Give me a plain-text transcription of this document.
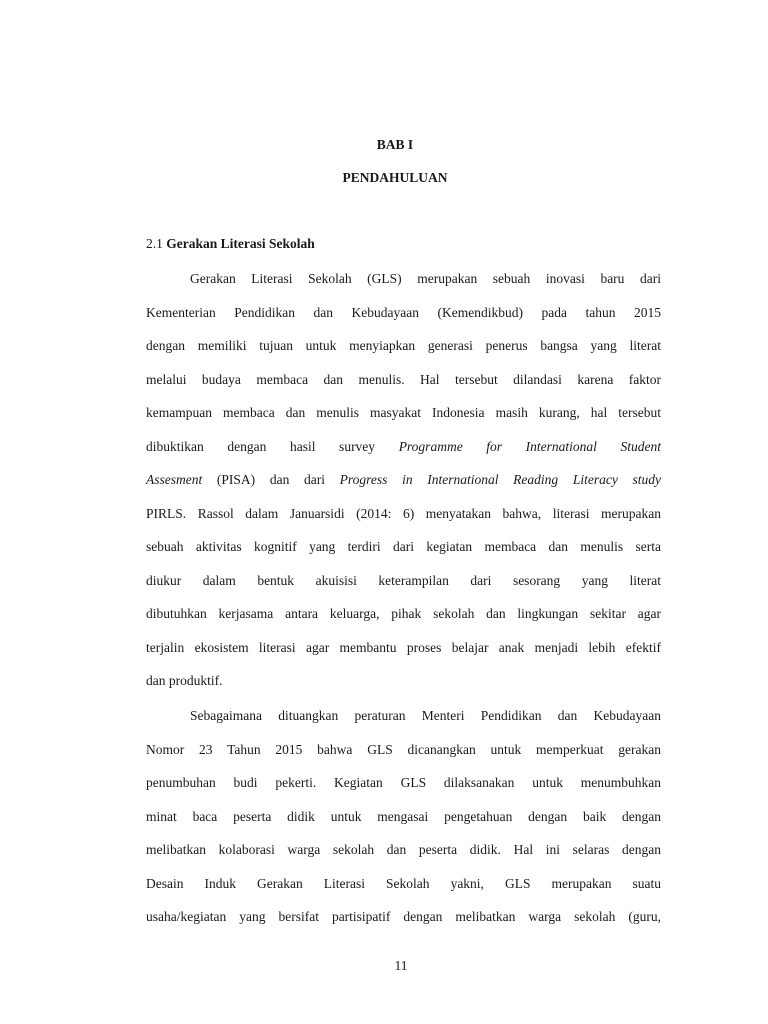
BAB I
PENDAHULUAN
2.1 Gerakan Literasi Sekolah
Gerakan Literasi Sekolah (GLS) merupakan sebuah inovasi baru dari
Kementerian Pendidikan dan Kebudayaan (Kemendikbud) pada tahun 2015
dengan memiliki tujuan untuk menyiapkan generasi penerus bangsa yang literat
melalui budaya membaca dan menulis. Hal tersebut dilandasi karena faktor
kemampuan membaca dan menulis masyakat Indonesia masih kurang, hal tersebut
dibuktikan dengan hasil survey Programme for International Student
Assesment (PISA) dan dari Progress in International Reading Literacy study
PIRLS. Rassol dalam Januarsidi (2014: 6) menyatakan bahwa, literasi merupakan
sebuah aktivitas kognitif yang terdiri dari kegiatan membaca dan menulis serta
diukur dalam bentuk akuisisi keterampilan dari sesorang yang literat
dibutuhkan kerjasama antara keluarga, pihak sekolah dan lingkungan sekitar agar
terjalin ekosistem literasi agar membantu proses belajar anak menjadi lebih efektif
dan produktif.
Sebagaimana dituangkan peraturan Menteri Pendidikan dan Kebudayaan
Nomor 23 Tahun 2015 bahwa GLS dicanangkan untuk memperkuat gerakan
penumbuhan budi pekerti. Kegiatan GLS dilaksanakan untuk menumbuhkan
minat baca peserta didik untuk mengasai pengetahuan dengan baik dengan
melibatkan kolaborasi warga sekolah dan peserta didik. Hal ini selaras dengan
Desain Induk Gerakan Literasi Sekolah yakni, GLS merupakan suatu
usaha/kegiatan yang bersifat partisipatif dengan melibatkan warga sekolah (guru,
11
